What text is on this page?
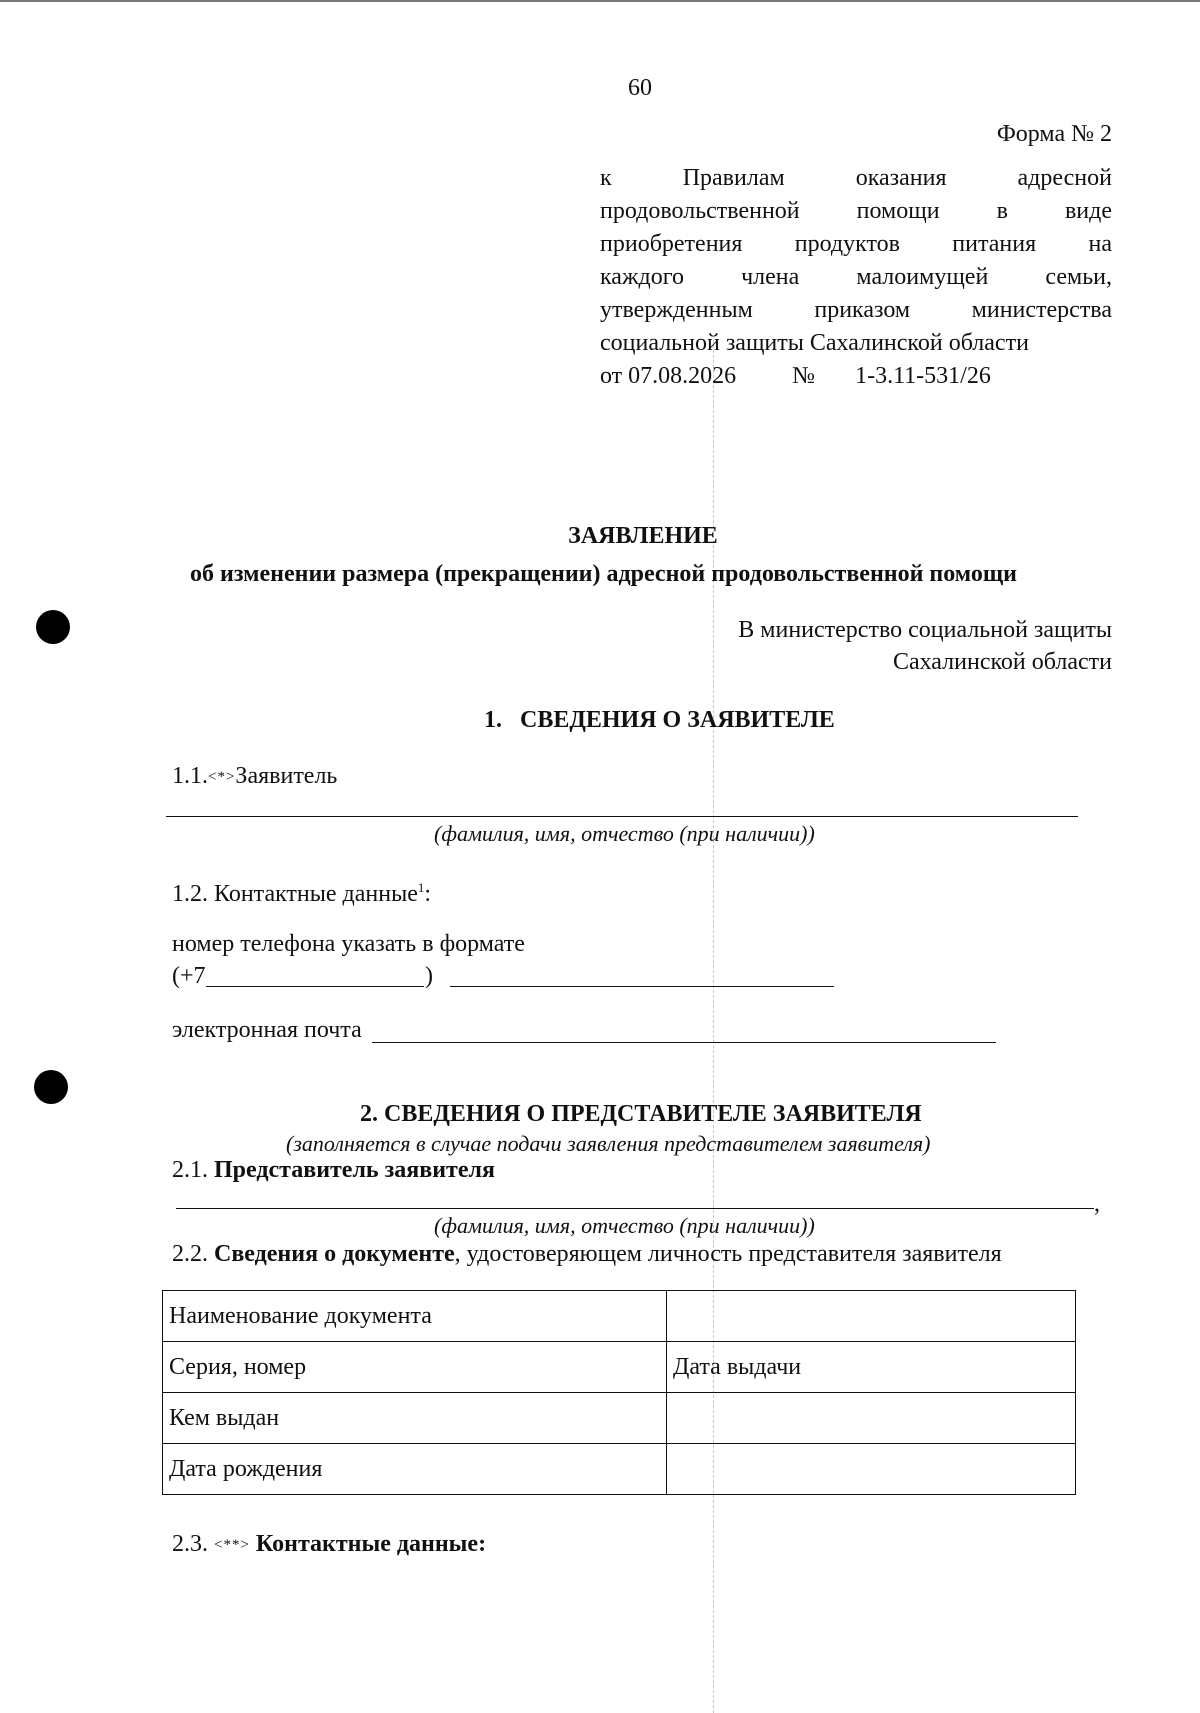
60
Форма № 2
к	Правилам	оказания	адресной
продовольственной помощи в виде
приобретения продуктов питания на
каждого члена малоимущей семьи,
утвержденным	приказом	министерства
социальной защиты Сахалинской области
от 07.08.2026 № 1-3.11-531/26
ЗАЯВЛЕНИЕ
об изменении размера (прекращении) адресной продовольственной помощи
В министерство социальной защиты
Сахалинской области
1.   СВЕДЕНИЯ О ЗАЯВИТЕЛЕ
1.1.<*>Заявитель
(фамилия, имя, отчество (при наличии))
1.2. Контактные данные$^1$:
номер телефона указать в формате
(+7	)
электронная почта
2. СВЕДЕНИЯ О ПРЕДСТАВИТЕЛЕ ЗАЯВИТЕЛЯ
(заполняется в случае подачи заявления представителем заявителя)
2.1. Представитель заявителя
,
(фамилия, имя, отчество (при наличии))
2.2. Сведения о документе, удостоверяющем личность представителя заявителя
Наименование документа	
Серия, номер	Дата выдачи
Кем выдан	
Дата рождения	
2.3. <**> Контактные данные:
